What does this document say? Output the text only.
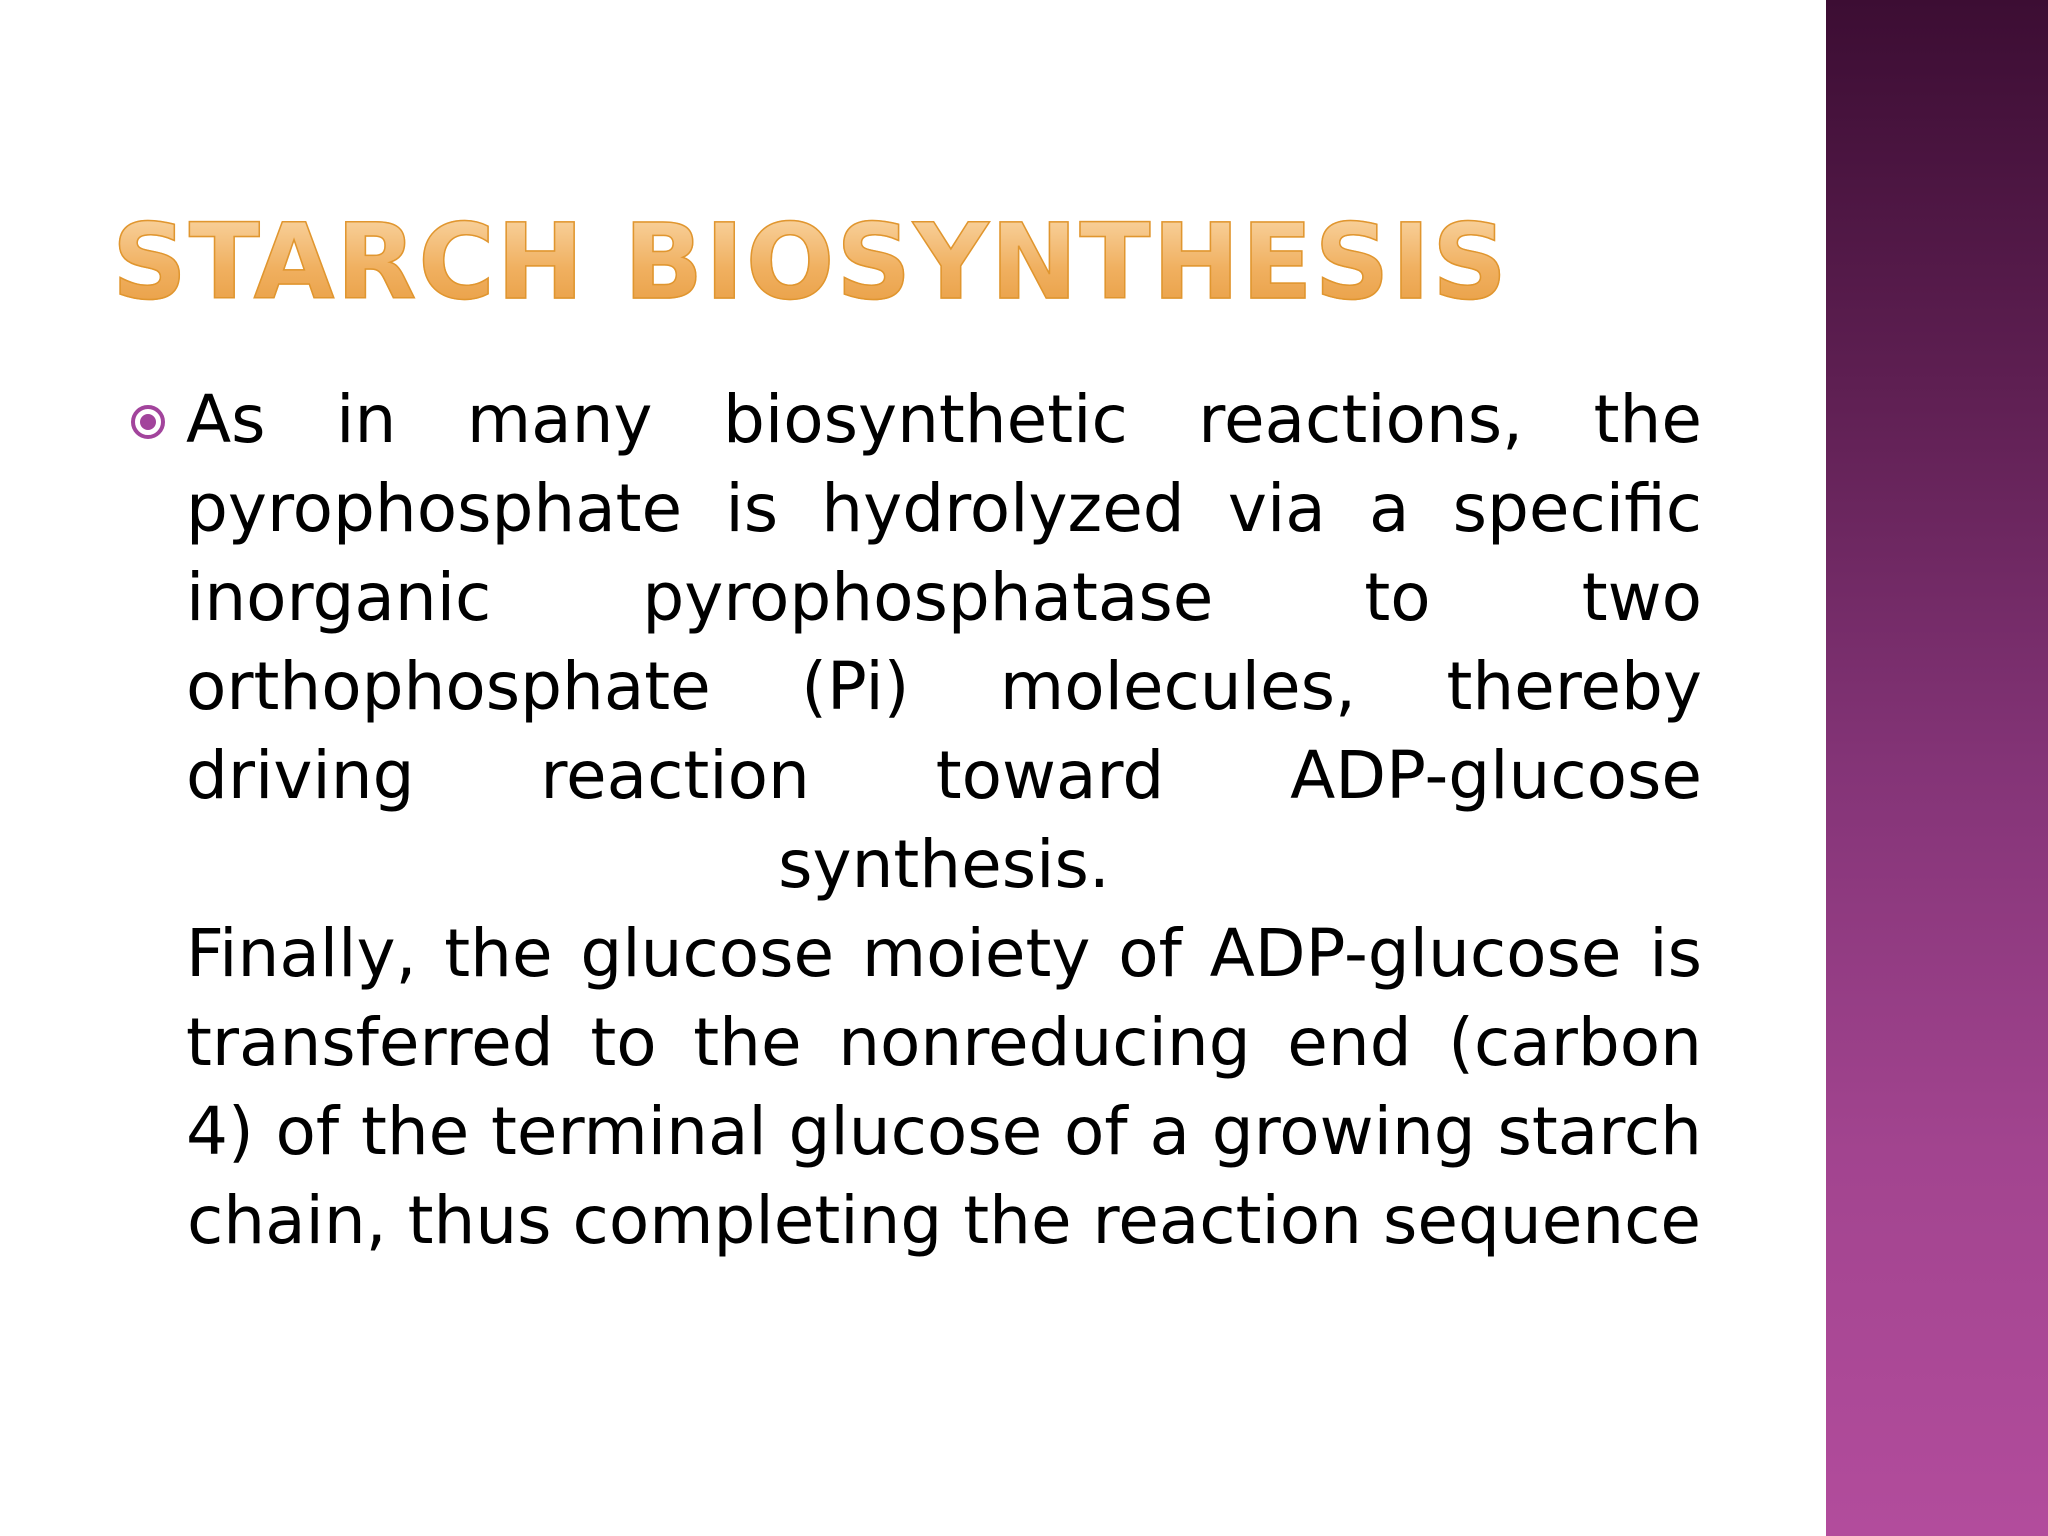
STARCH BIOSYNTHESIS

As in many biosynthetic reactions, the pyrophosphate is hydrolyzed via a specific inorganic pyrophosphatase to two orthophosphate (Pi) molecules, thereby driving reaction toward ADP-glucose synthesis.

Finally, the glucose moiety of ADP-glucose is transferred to the nonreducing end (carbon 4) of the terminal glucose of a growing starch chain, thus completing the reaction sequence
